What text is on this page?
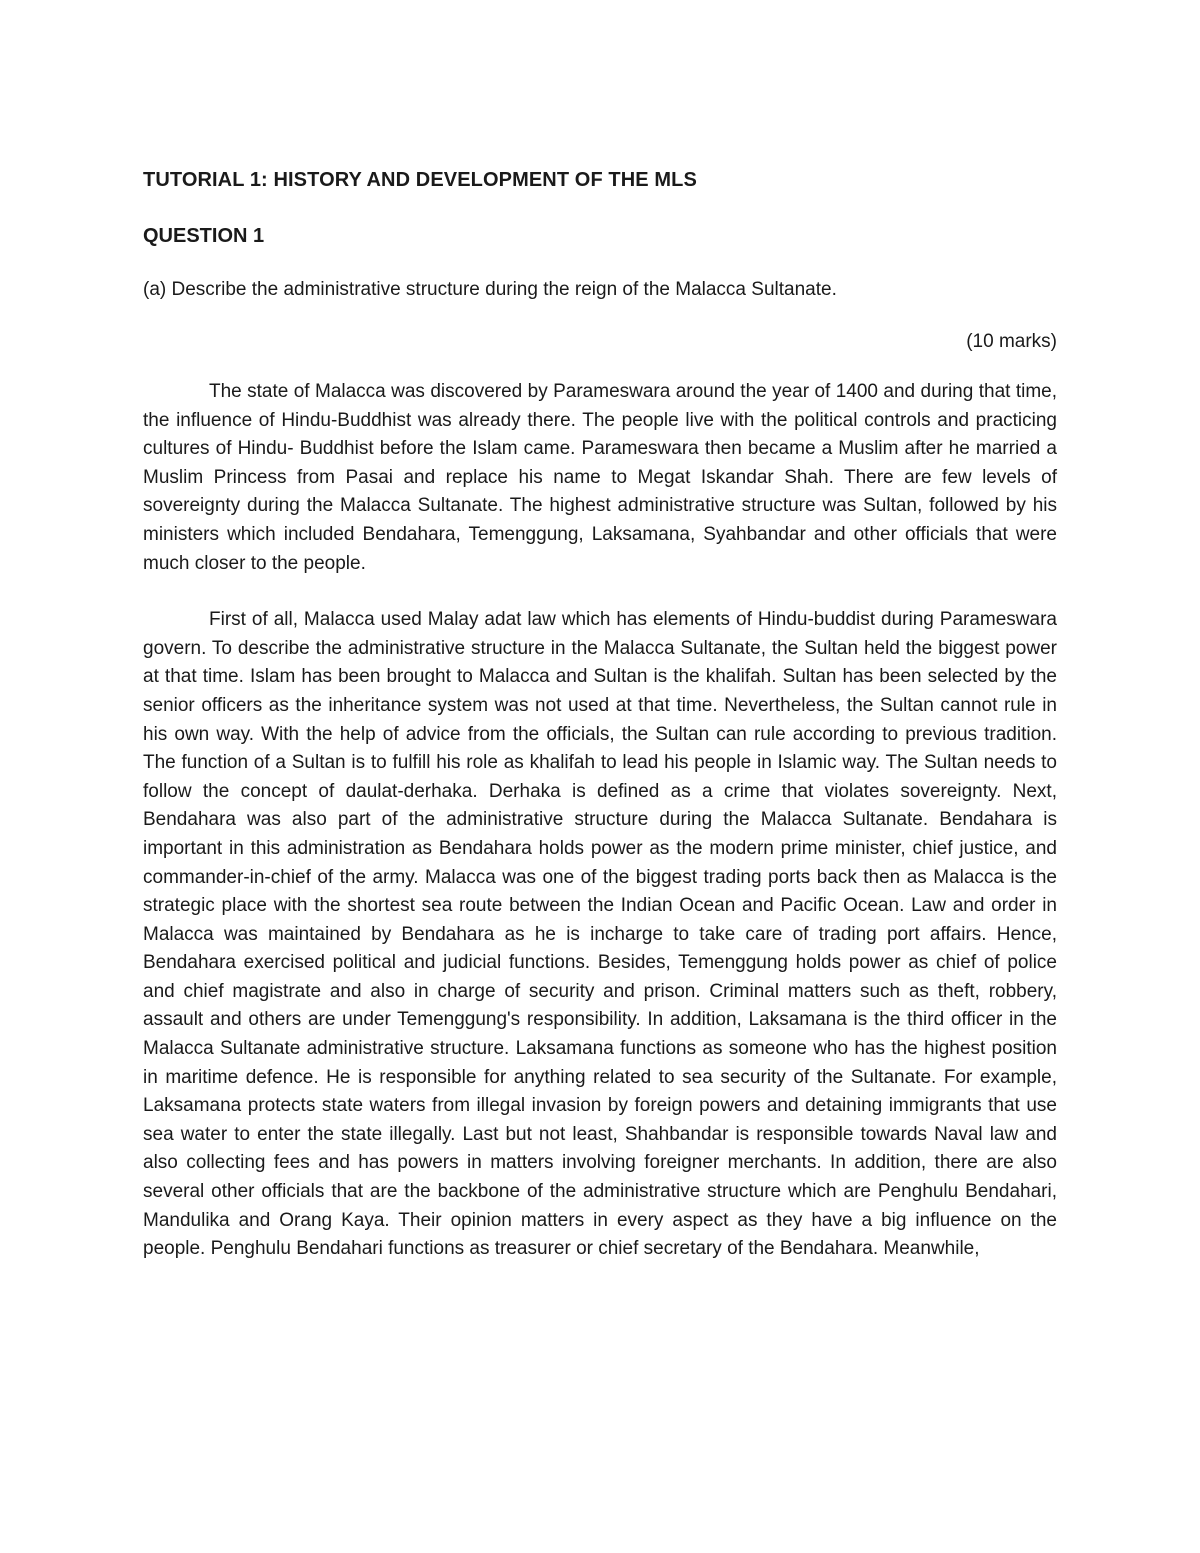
TUTORIAL 1: HISTORY AND DEVELOPMENT OF THE MLS
QUESTION 1

(a) Describe the administrative structure during the reign of the Malacca Sultanate.

(10 marks)

The state of Malacca was discovered by Parameswara around the year of 1400 and during that time, the influence of Hindu-Buddhist was already there. The people live with the political controls and practicing cultures of Hindu- Buddhist before the Islam came. Parameswara then became a Muslim after he married a Muslim Princess from Pasai and replace his name to Megat Iskandar Shah. There are few levels of sovereignty during the Malacca Sultanate. The highest administrative structure was Sultan, followed by his ministers which included Bendahara, Temenggung, Laksamana, Syahbandar and other officials that were much closer to the people.

First of all, Malacca used Malay adat law which has elements of Hindu-buddist during Parameswara govern. To describe the administrative structure in the Malacca Sultanate, the Sultan held the biggest power at that time. Islam has been brought to Malacca and Sultan is the khalifah. Sultan has been selected by the senior officers as the inheritance system was not used at that time. Nevertheless, the Sultan cannot rule in his own way. With the help of advice from the officials, the Sultan can rule according to previous tradition. The function of a Sultan is to fulfill his role as khalifah to lead his people in Islamic way. The Sultan needs to follow the concept of daulat-derhaka. Derhaka is defined as a crime that violates sovereignty. Next, Bendahara was also part of the administrative structure during the Malacca Sultanate. Bendahara is important in this administration as Bendahara holds power as the modern prime minister, chief justice, and commander-in-chief of the army. Malacca was one of the biggest trading ports back then as Malacca is the strategic place with the shortest sea route between the Indian Ocean and Pacific Ocean. Law and order in Malacca was maintained by Bendahara as he is incharge to take care of trading port affairs. Hence, Bendahara exercised political and judicial functions. Besides, Temenggung holds power as chief of police and chief magistrate and also in charge of security and prison. Criminal matters such as theft, robbery, assault and others are under Temenggung's responsibility. In addition, Laksamana is the third officer in the Malacca Sultanate administrative structure. Laksamana functions as someone who has the highest position in maritime defence. He is responsible for anything related to sea security of the Sultanate. For example, Laksamana protects state waters from illegal invasion by foreign powers and detaining immigrants that use sea water to enter the state illegally. Last but not least, Shahbandar is responsible towards Naval law and also collecting fees and has powers in matters involving foreigner merchants. In addition, there are also several other officials that are the backbone of the administrative structure which are Penghulu Bendahari, Mandulika and Orang Kaya. Their opinion matters in every aspect as they have a big influence on the people. Penghulu Bendahari functions as treasurer or chief secretary of the Bendahara. Meanwhile,
